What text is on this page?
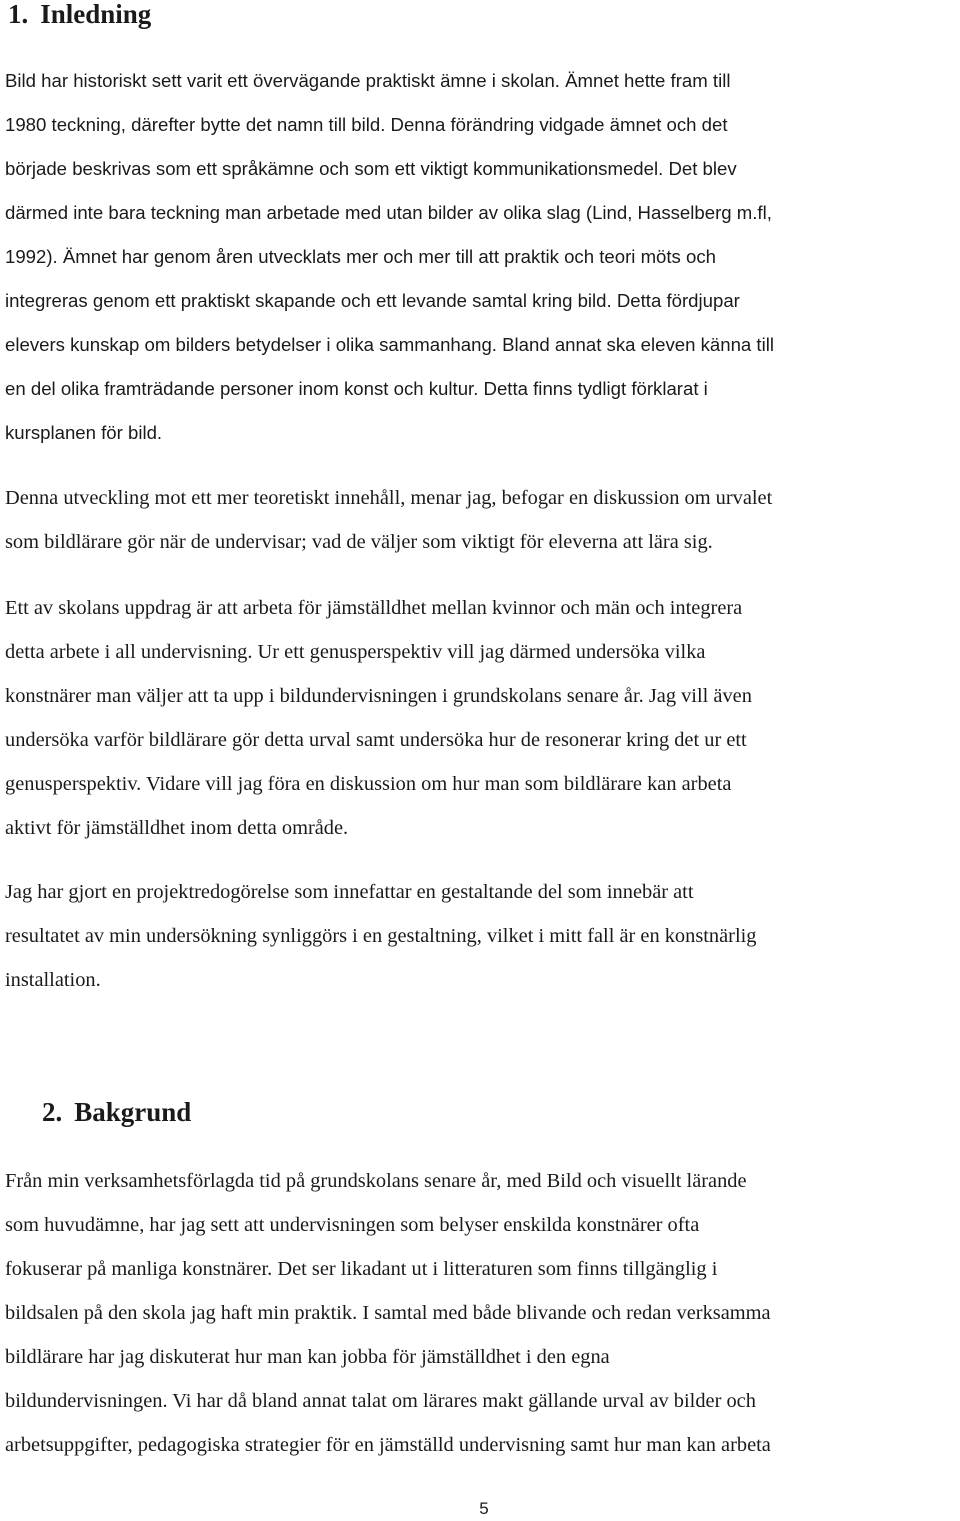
1. Inledning
Bild har historiskt sett varit ett övervägande praktiskt ämne i skolan. Ämnet hette fram till
1980 teckning, därefter bytte det namn till bild. Denna förändring vidgade ämnet och det
började beskrivas som ett språkämne och som ett viktigt kommunikationsmedel. Det blev
därmed inte bara teckning man arbetade med utan bilder av olika slag (Lind, Hasselberg m.fl,
1992). Ämnet har genom åren utvecklats mer och mer till att praktik och teori möts och
integreras genom ett praktiskt skapande och ett levande samtal kring bild. Detta fördjupar
elevers kunskap om bilders betydelser i olika sammanhang. Bland annat ska eleven känna till
en del olika framträdande personer inom konst och kultur. Detta finns tydligt förklarat i
kursplanen för bild.
Denna utveckling mot ett mer teoretiskt innehåll, menar jag, befogar en diskussion om urvalet
som bildlärare gör när de undervisar; vad de väljer som viktigt för eleverna att lära sig.
Ett av skolans uppdrag är att arbeta för jämställdhet mellan kvinnor och män och integrera
detta arbete i all undervisning. Ur ett genusperspektiv vill jag därmed undersöka vilka
konstnärer man väljer att ta upp i bildundervisningen i grundskolans senare år. Jag vill även
undersöka varför bildlärare gör detta urval samt undersöka hur de resonerar kring det ur ett
genusperspektiv. Vidare vill jag föra en diskussion om hur man som bildlärare kan arbeta
aktivt för jämställdhet inom detta område.
Jag har gjort en projektredogörelse som innefattar en gestaltande del som innebär att
resultatet av min undersökning synliggörs i en gestaltning, vilket i mitt fall är en konstnärlig
installation.
2. Bakgrund
Från min verksamhetsförlagda tid på grundskolans senare år, med Bild och visuellt lärande
som huvudämne, har jag sett att undervisningen som belyser enskilda konstnärer ofta
fokuserar på manliga konstnärer. Det ser likadant ut i litteraturen som finns tillgänglig i
bildsalen på den skola jag haft min praktik. I samtal med både blivande och redan verksamma
bildlärare har jag diskuterat hur man kan jobba för jämställdhet i den egna
bildundervisningen. Vi har då bland annat talat om lärares makt gällande urval av bilder och
arbetsuppgifter, pedagogiska strategier för en jämställd undervisning samt hur man kan arbeta
5
